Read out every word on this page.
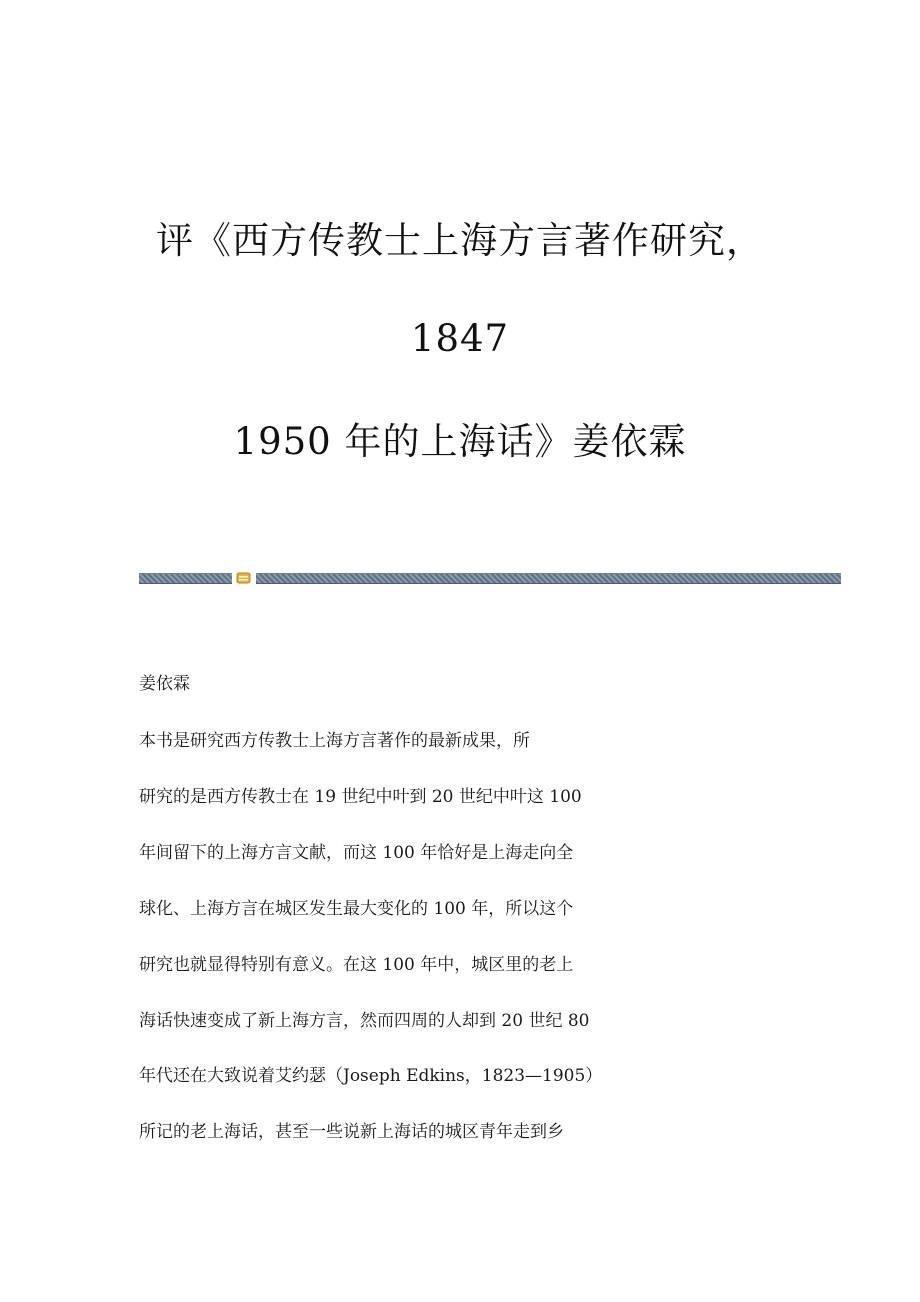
评《西方传教士上海方言著作研究，
1847
1950 年的上海话》姜依霖
姜依霖
本书是研究西方传教士上海方言著作的最新成果，所
研究的是西方传教士在 19 世纪中叶到 20 世纪中叶这 100
年间留下的上海方言文献，而这 100 年恰好是上海走向全
球化、上海方言在城区发生最大变化的 100 年，所以这个
研究也就显得特别有意义。在这 100 年中，城区里的老上
海话快速变成了新上海方言，然而四周的人却到 20 世纪 80
年代还在大致说着艾约瑟（Joseph Edkins，1823—1905）
所记的老上海话，甚至一些说新上海话的城区青年走到乡
